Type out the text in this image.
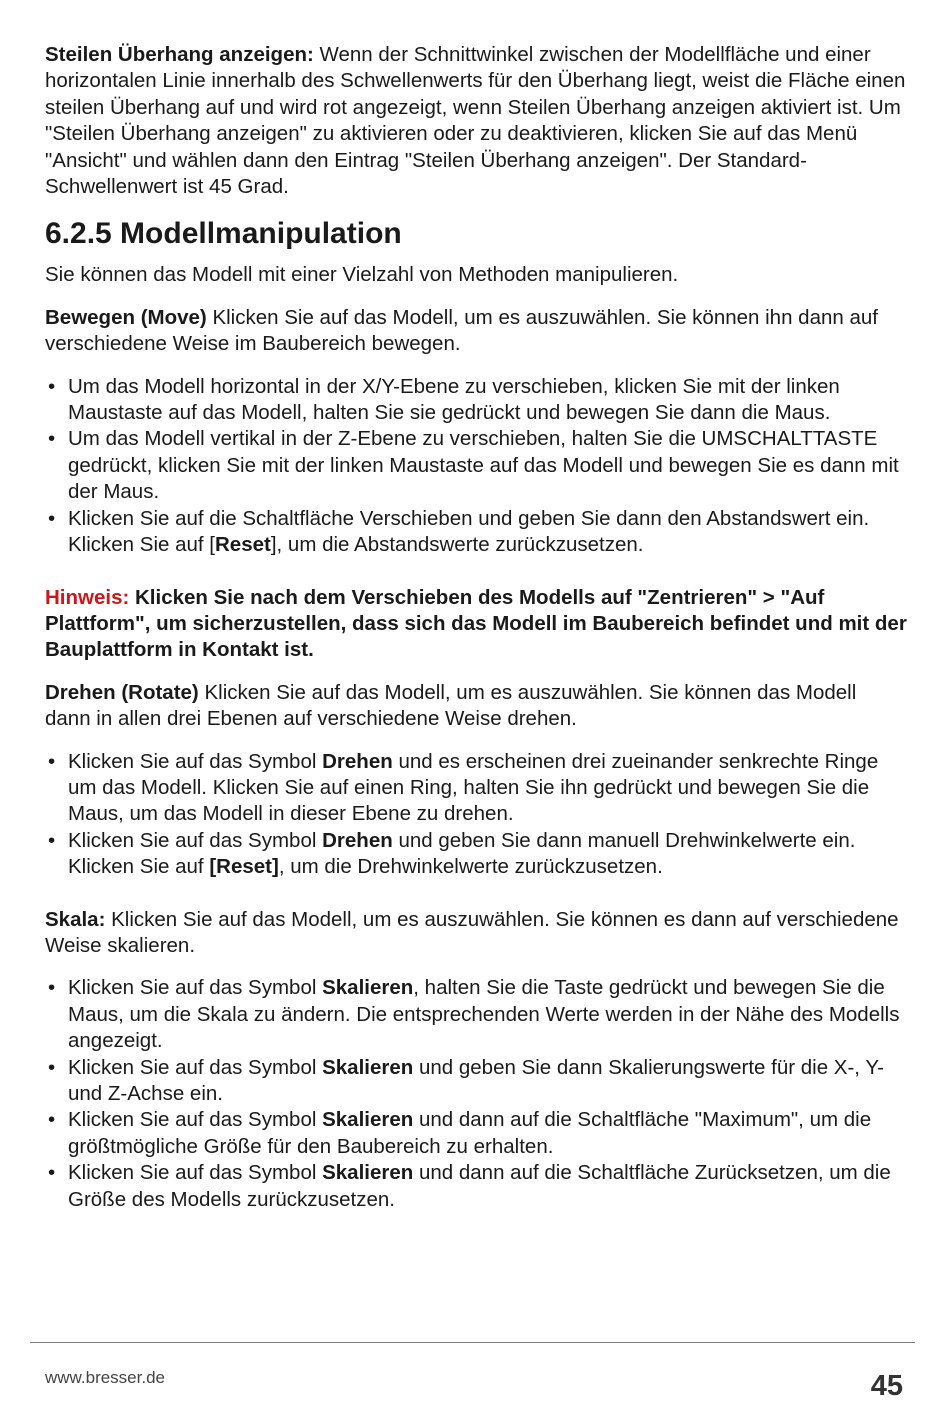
Steilen Überhang anzeigen: Wenn der Schnittwinkel zwischen der Modellfläche und einer horizontalen Linie innerhalb des Schwellenwerts für den Überhang liegt, weist die Fläche einen steilen Überhang auf und wird rot angezeigt, wenn Steilen Überhang anzeigen aktiviert ist. Um "Steilen Überhang anzeigen" zu aktivieren oder zu deaktivieren, klicken Sie auf das Menü "Ansicht" und wählen dann den Eintrag "Steilen Überhang anzeigen". Der Standard-Schwellenwert ist 45 Grad.

6.2.5 Modellmanipulation

Sie können das Modell mit einer Vielzahl von Methoden manipulieren.

Bewegen (Move) Klicken Sie auf das Modell, um es auszuwählen. Sie können ihn dann auf verschiedene Weise im Baubereich bewegen.

• Um das Modell horizontal in der X/Y-Ebene zu verschieben, klicken Sie mit der linken Maustaste auf das Modell, halten Sie sie gedrückt und bewegen Sie dann die Maus.
• Um das Modell vertikal in der Z-Ebene zu verschieben, halten Sie die UMSCHALTTASTE gedrückt, klicken Sie mit der linken Maustaste auf das Modell und bewegen Sie es dann mit der Maus.
• Klicken Sie auf die Schaltfläche Verschieben und geben Sie dann den Abstandswert ein. Klicken Sie auf [Reset], um die Abstandswerte zurückzusetzen.

Hinweis: Klicken Sie nach dem Verschieben des Modells auf "Zentrieren" > "Auf Plattform", um sicherzustellen, dass sich das Modell im Baubereich befindet und mit der Bauplattform in Kontakt ist.

Drehen (Rotate) Klicken Sie auf das Modell, um es auszuwählen. Sie können das Modell dann in allen drei Ebenen auf verschiedene Weise drehen.

• Klicken Sie auf das Symbol Drehen und es erscheinen drei zueinander senkrechte Ringe um das Modell. Klicken Sie auf einen Ring, halten Sie ihn gedrückt und bewegen Sie die Maus, um das Modell in dieser Ebene zu drehen.
• Klicken Sie auf das Symbol Drehen und geben Sie dann manuell Drehwinkelwerte ein. Klicken Sie auf [Reset], um die Drehwinkelwerte zurückzusetzen.

Skala: Klicken Sie auf das Modell, um es auszuwählen. Sie können es dann auf verschiedene Weise skalieren.

• Klicken Sie auf das Symbol Skalieren, halten Sie die Taste gedrückt und bewegen Sie die Maus, um die Skala zu ändern. Die entsprechenden Werte werden in der Nähe des Modells angezeigt.
• Klicken Sie auf das Symbol Skalieren und geben Sie dann Skalierungswerte für die X-, Y- und Z-Achse ein.
• Klicken Sie auf das Symbol Skalieren und dann auf die Schaltfläche "Maximum", um die größtmögliche Größe für den Baubereich zu erhalten.
• Klicken Sie auf das Symbol Skalieren und dann auf die Schaltfläche Zurücksetzen, um die Größe des Modells zurückzusetzen.
www.bresser.de	45
